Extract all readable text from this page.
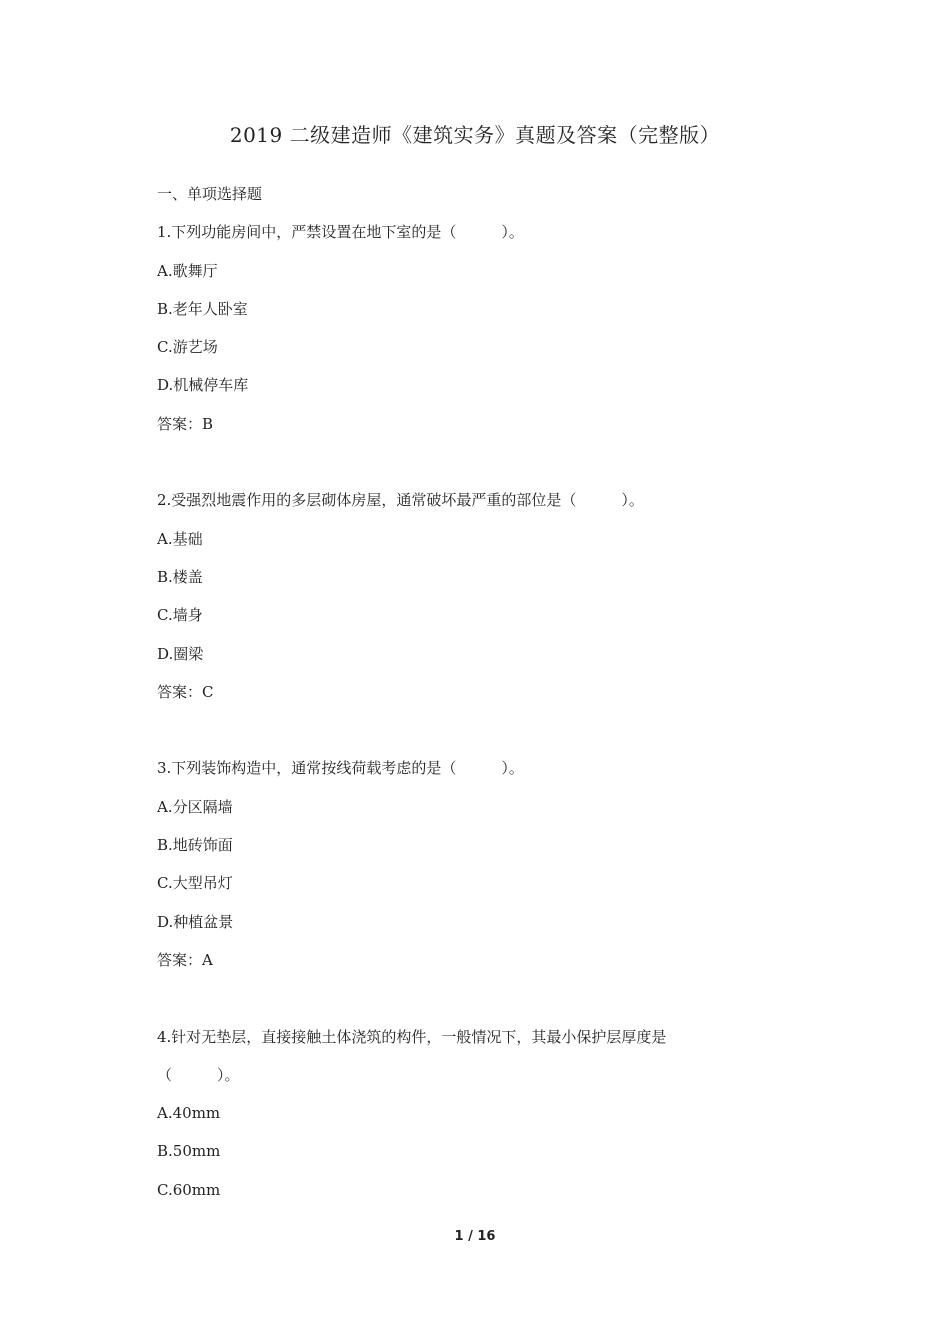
2019 二级建造师《建筑实务》真题及答案（完整版）
一、单项选择题
1.下列功能房间中，严禁设置在地下室的是（　　　）。
A.歌舞厅
B.老年人卧室
C.游艺场
D.机械停车库
答案：B
2.受强烈地震作用的多层砌体房屋，通常破坏最严重的部位是（　　　）。
A.基础
B.楼盖
C.墙身
D.圈梁
答案：C
3.下列装饰构造中，通常按线荷载考虑的是（　　　）。
A.分区隔墙
B.地砖饰面
C.大型吊灯
D.种植盆景
答案：A
4.针对无垫层，直接接触土体浇筑的构件，一般情况下，其最小保护层厚度是
（　　　）。
A.40mm
B.50mm
C.60mm
1 / 16
